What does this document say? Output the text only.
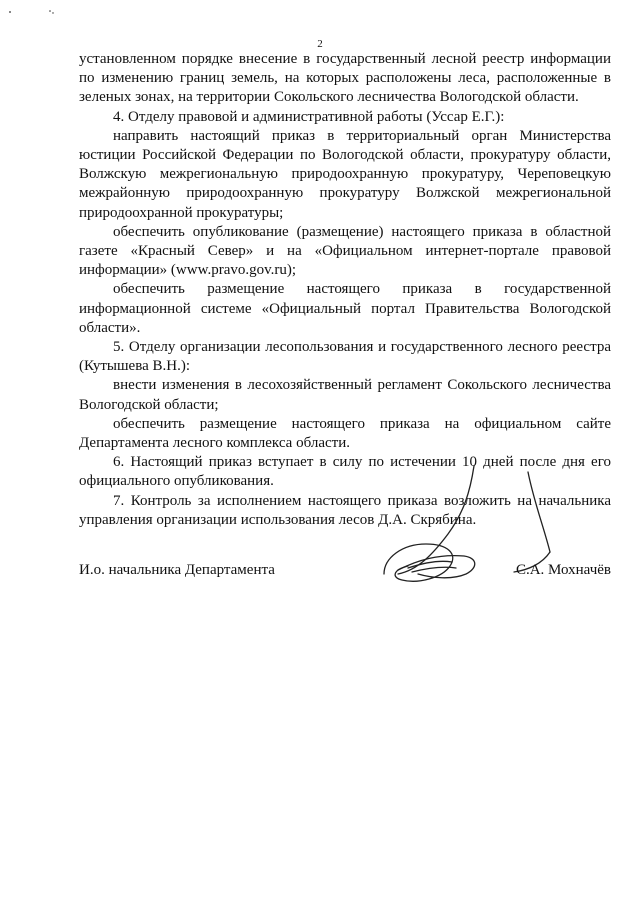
2

установленном порядке внесение в государственный лесной реестр информации по изменению границ земель, на которых расположены леса, расположенные в зеленых зонах, на территории Сокольского лесничества Вологодской области.

4. Отделу правовой и административной работы (Уссар Е.Г.):

направить настоящий приказ в территориальный орган Министерства юстиции Российской Федерации по Вологодской области, прокуратуру области, Волжскую межрегиональную природоохранную прокуратуру, Череповецкую межрайонную природоохранную прокуратуру Волжской межрегиональной природоохранной прокуратуры;

обеспечить опубликование (размещение) настоящего приказа в областной газете «Красный Север» и на «Официальном интернет-портале правовой информации» (www.pravo.gov.ru);

обеспечить размещение настоящего приказа в государственной информационной системе «Официальный портал Правительства Вологодской области».

5. Отделу организации лесопользования и государственного лесного реестра (Кутышева В.Н.):

внести изменения в лесохозяйственный регламент Сокольского лесничества Вологодской области;

обеспечить размещение настоящего приказа на официальном сайте Департамента лесного комплекса области.

6. Настоящий приказ вступает в силу по истечении 10 дней после дня его официального опубликования.

7. Контроль за исполнением настоящего приказа возложить на начальника управления организации использования лесов Д.А. Скрябина.

И.о. начальника Департамента	С.А. Мохначёв
